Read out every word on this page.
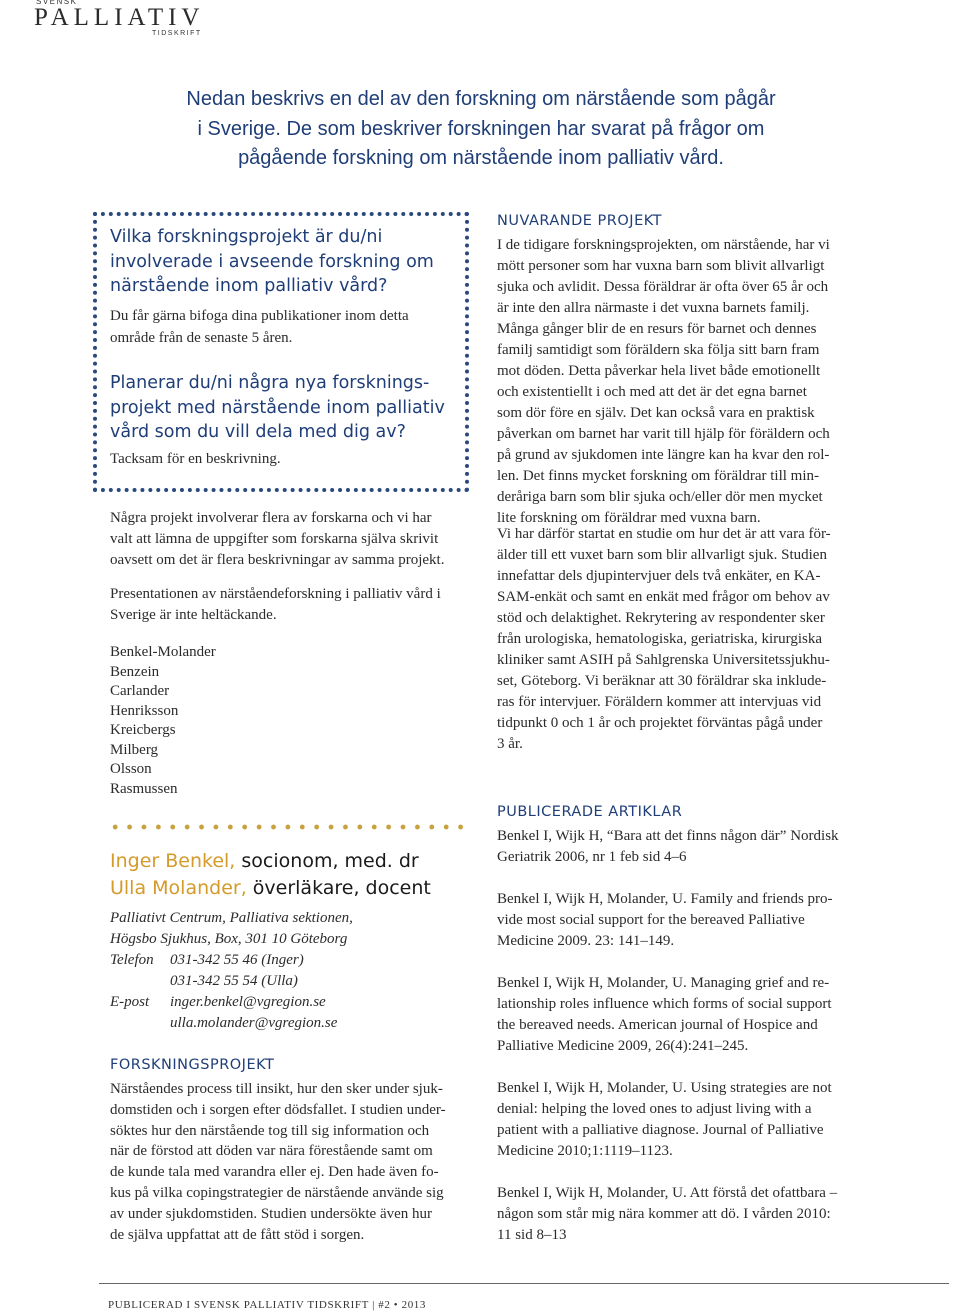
SVENSK
PALLIATIV
TIDSKRIFT
Nedan beskrivs en del av den forskning om närstående som pågår
i Sverige. De som beskriver forskningen har svarat på frågor om
pågående forskning om närstående inom palliativ vård.
Vilka forskningsprojekt är du/ni
involverade i avseende forskning om
närstående inom palliativ vård?
Du får gärna bifoga dina publikationer inom detta
område från de senaste 5 åren.
Planerar du/ni några nya forsknings-
projekt med närstående inom palliativ
vård som du vill dela med dig av?
Tacksam för en beskrivning.
Några projekt involverar flera av forskarna och vi har
valt att lämna de uppgifter som forskarna själva skrivit
oavsett om det är flera beskrivningar av samma projekt.
Presentationen av närståendeforskning i palliativ vård i
Sverige är inte heltäckande.
Benkel-Molander
Benzein
Carlander
Henriksson
Kreicbergs
Milberg
Olsson
Rasmussen
Inger Benkel, socionom, med. dr
Ulla Molander, överläkare, docent
Palliativt Centrum, Palliativa sektionen,
Högsbo Sjukhus, Box, 301 10 Göteborg
Telefon	031-342 55 46 (Inger)
031-342 55 54 (Ulla)
E-post	inger.benkel@vgregion.se
ulla.molander@vgregion.se
FORSKNINGSPROJEKT
Närståendes process till insikt, hur den sker under sjuk-
domstiden och i sorgen efter dödsfallet. I studien under-
söktes hur den närstående tog till sig information och
när de förstod att döden var nära förestående samt om
de kunde tala med varandra eller ej. Den hade även fo-
kus på vilka copingstrategier de närstående använde sig
av under sjukdomstiden. Studien undersökte även hur
de själva uppfattat att de fått stöd i sorgen.
NUVARANDE PROJEKT
I de tidigare forskningsprojekten, om närstående, har vi
mött personer som har vuxna barn som blivit allvarligt
sjuka och avlidit. Dessa föräldrar är ofta över 65 år och
är inte den allra närmaste i det vuxna barnets familj.
Många gånger blir de en resurs för barnet och dennes
familj samtidigt som föräldern ska följa sitt barn fram
mot döden. Detta påverkar hela livet både emotionellt
och existentiellt i och med att det är det egna barnet
som dör före en själv. Det kan också vara en praktisk
påverkan om barnet har varit till hjälp för föräldern och
på grund av sjukdomen inte längre kan ha kvar den rol-
len. Det finns mycket forskning om föräldrar till min-
deråriga barn som blir sjuka och/eller dör men mycket
lite forskning om föräldrar med vuxna barn.
Vi har därför startat en studie om hur det är att vara för-
älder till ett vuxet barn som blir allvarligt sjuk. Studien
innefattar dels djupintervjuer dels två enkäter, en KA-
SAM-enkät och samt en enkät med frågor om behov av
stöd och delaktighet. Rekrytering av respondenter sker
från urologiska, hematologiska, geriatriska, kirurgiska
kliniker samt ASIH på Sahlgrenska Universitetssjukhu-
set, Göteborg. Vi beräknar att 30 föräldrar ska inklude-
ras för intervjuer. Föräldern kommer att intervjuas vid
tidpunkt 0 och 1 år och projektet förväntas pågå under
3 år.
PUBLICERADE ARTIKLAR
Benkel I, Wijk H, “Bara att det finns någon där” Nordisk
Geriatrik 2006, nr 1 feb sid 4–6
Benkel I, Wijk H, Molander, U. Family and friends pro-
vide most social support for the bereaved Palliative
Medicine 2009. 23: 141–149.
Benkel I, Wijk H, Molander, U. Managing grief and re-
lationship roles influence which forms of social support
the bereaved needs. American journal of Hospice and
Palliative Medicine 2009, 26(4):241–245.
Benkel I, Wijk H, Molander, U. Using strategies are not
denial: helping the loved ones to adjust living with a
patient with a palliative diagnose. Journal of Palliative
Medicine 2010;1:1119–1123.
Benkel I, Wijk H, Molander, U. Att förstå det ofattbara –
någon som står mig nära kommer att dö. I vården 2010:
11 sid 8–13
PUBLICERAD I SVENSK PALLIATIV TIDSKRIFT | #2 • 2013
